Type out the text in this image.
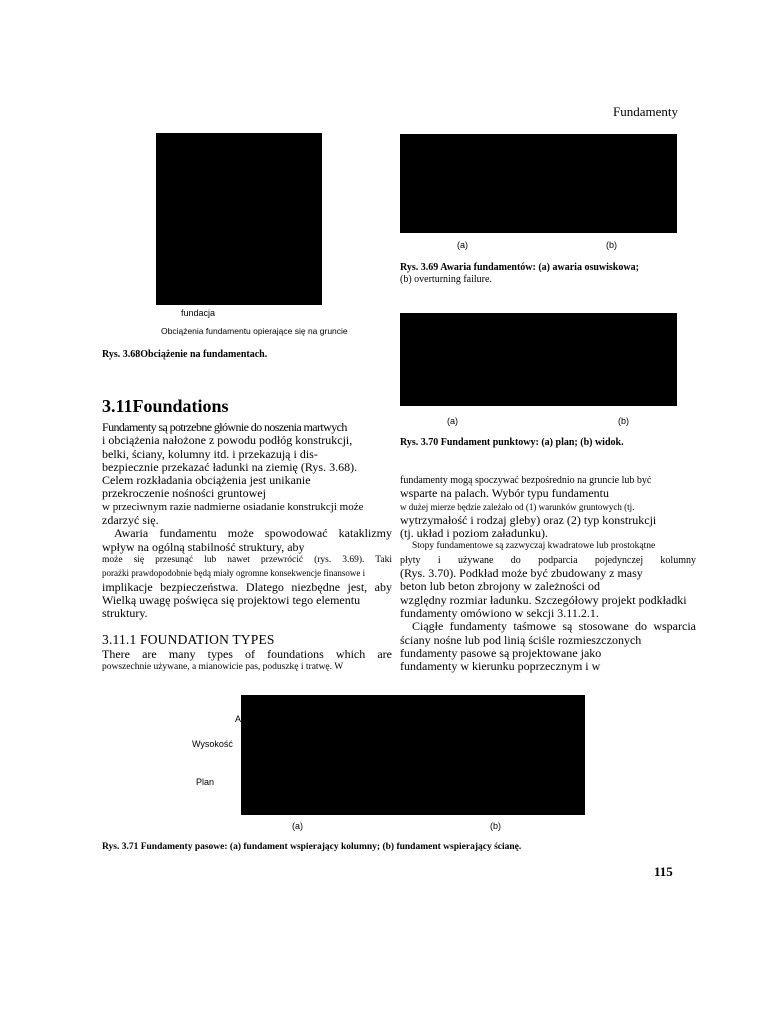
Fundamenty
fundacja
Obciążenia fundamentu opierające się na gruncie
Rys. 3.68Obciążenie na fundamentach.
(a)	(b)
Rys. 3.69 Awaria fundamentów: (a) awaria osuwiskowa;
(b) overturning failure.
(a)	(b)
Rys. 3.70 Fundament punktowy: (a) plan; (b) widok.
3.11Foundations
Fundamenty są potrzebne głównie do noszenia martwych
i obciążenia nałożone z powodu podłóg konstrukcji,
belki, ściany, kolumny itd. i przekazują i dis-
bezpiecznie przekazać ładunki na ziemię (Rys. 3.68).
Celem rozkładania obciążenia jest unikanie
przekroczenie nośności gruntowej
w przeciwnym razie nadmierne osiadanie konstrukcji może
zdarzyć się.
Awaria fundamentu może spowodować kataklizmy
wpływ na ogólną stabilność struktury, aby
może się przesunąć lub nawet przewrócić (rys. 3.69). Taki
porażki prawdopodobnie będą miały ogromne konsekwencje finansowe i
implikacje bezpieczeństwa. Dlatego niezbędne jest, aby
Wielką uwagę poświęca się projektowi tego elementu
struktury.
3.11.1 FOUNDATION TYPES
There are many types of foundations which are
powszechnie używane, a mianowicie pas, poduszkę i tratwę. W
fundamenty mogą spoczywać bezpośrednio na gruncie lub być
wsparte na palach. Wybór typu fundamentu
w dużej mierze będzie zależało od (1) warunków gruntowych (tj.
wytrzymałość i rodzaj gleby) oraz (2) typ konstrukcji
(tj. układ i poziom załadunku).
Stopy fundamentowe są zazwyczaj kwadratowe lub prostokątne
płyty i używane do podparcia pojedynczej kolumny
(Rys. 3.70). Podkład może być zbudowany z masy
beton lub beton zbrojony w zależności od
względny rozmiar ładunku. Szczegółowy projekt podkładki
fundamenty omówiono w sekcji 3.11.2.1.
Ciągłe fundamenty taśmowe są stosowane do wsparcia
ściany nośne lub pod linią ściśle rozmieszczonych
fundamenty pasowe są projektowane jako
fundamenty w kierunku poprzecznym i w
A
Wysokość
Plan
(a)	(b)
Rys. 3.71 Fundamenty pasowe: (a) fundament wspierający kolumny; (b) fundament wspierający ścianę.
115
